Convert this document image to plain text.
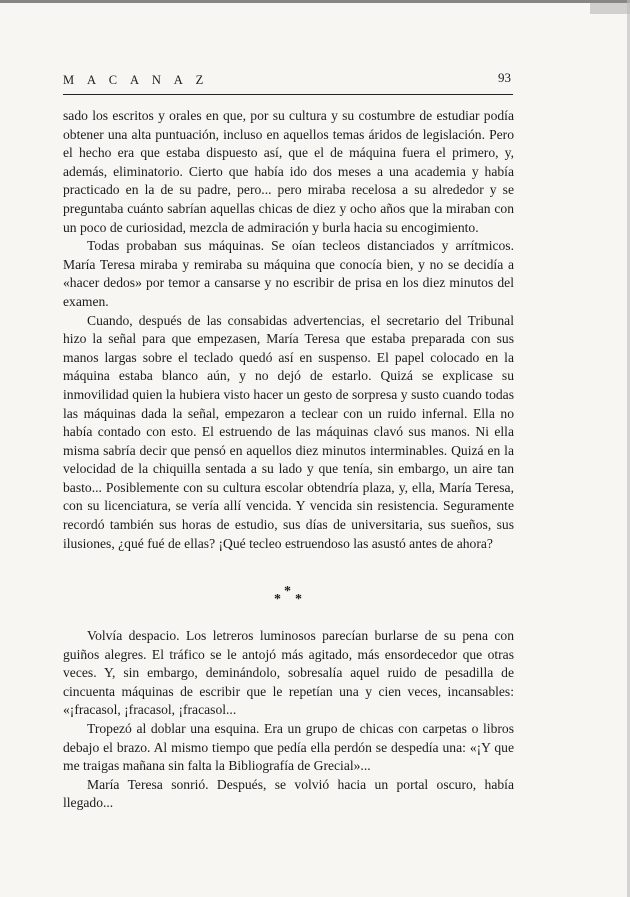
M A C A N A Z	93

sado los escritos y orales en que, por su cultura y su costumbre de estudiar podía obtener una alta puntuación, incluso en aquellos temas áridos de legislación. Pero el hecho era que estaba dispuesto así, que el de máquina fuera el primero, y, además, eliminatorio. Cierto que había ido dos meses a una academia y había practicado en la de su padre, pero... pero miraba recelosa a su alrededor y se preguntaba cuánto sabrían aquellas chicas de diez y ocho años que la miraban con un poco de curiosidad, mezcla de admiración y burla hacia su encogimiento.

Todas probaban sus máquinas. Se oían tecleos distanciados y arrítmicos. María Teresa miraba y remiraba su máquina que conocía bien, y no se decidía a «hacer dedos» por temor a cansarse y no escribir de prisa en los diez minutos del examen.

Cuando, después de las consabidas advertencias, el secretario del Tribunal hizo la señal para que empezasen, María Teresa que estaba preparada con sus manos largas sobre el teclado quedó así en suspenso. El papel colocado en la máquina estaba blanco aún, y no dejó de estarlo. Quizá se explicase su inmovilidad quien la hubiera visto hacer un gesto de sorpresa y susto cuando todas las máquinas dada la señal, empezaron a teclear con un ruido infernal. Ella no había contado con esto. El estruendo de las máquinas clavó sus manos. Ni ella misma sabría decir que pensó en aquellos diez minutos interminables. Quizá en la velocidad de la chiquilla sentada a su lado y que tenía, sin embargo, un aire tan basto... Posiblemente con su cultura escolar obtendría plaza, y, ella, María Teresa, con su licenciatura, se vería allí vencida. Y vencida sin resistencia. Seguramente recordó también sus horas de estudio, sus días de universitaria, sus sueños, sus ilusiones, ¿qué fué de ellas? ¡Qué tecleo estruendoso las asustó antes de ahora?

*
* *

Volvía despacio. Los letreros luminosos parecían burlarse de su pena con guiños alegres. El tráfico se le antojó más agitado, más ensordecedor que otras veces. Y, sin embargo, deminándolo, sobresalía aquel ruido de pesadilla de cincuenta máquinas de escribir que le repetían una y cien veces, incansables: «¡fracasol, ¡fracasol, ¡fracasol...

Tropezó al doblar una esquina. Era un grupo de chicas con carpetas o libros debajo el brazo. Al mismo tiempo que pedía ella perdón se despedía una: «¡Y que me traigas mañana sin falta la Bibliografía de Grecial»...

María Teresa sonrió. Después, se volvió hacia un portal oscuro, había llegado...
